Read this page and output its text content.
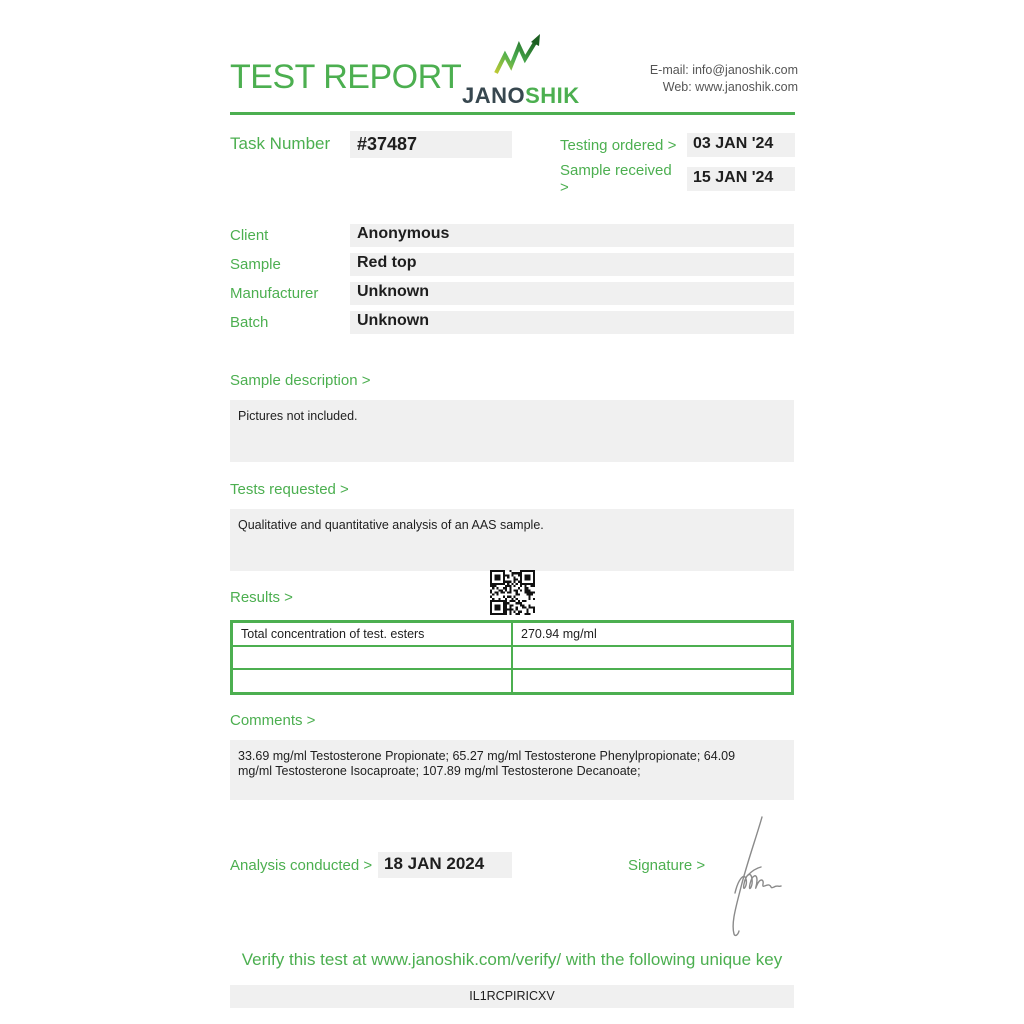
TEST REPORT JANOSHIK
E-mail: info@janoshik.com
Web: www.janoshik.com
Task Number	#37487	Testing ordered >	03 JAN '24
Sample received >
15 JAN '24
Client	Anonymous
Sample	Red top
Manufacturer	Unknown
Batch	Unknown
Sample description >
Pictures not included.
Tests requested >
Qualitative and quantitative analysis of an AAS sample.
Results >
Total concentration of test. esters	270.94 mg/ml
Comments >
33.69 mg/ml Testosterone Propionate; 65.27 mg/ml Testosterone Phenylpropionate; 64.09 mg/ml Testosterone Isocaproate; 107.89 mg/ml Testosterone Decanoate;
Analysis conducted > 18 JAN 2024	Signature >
Verify this test at www.janoshik.com/verify/ with the following unique key
IL1RCPIRICXV
